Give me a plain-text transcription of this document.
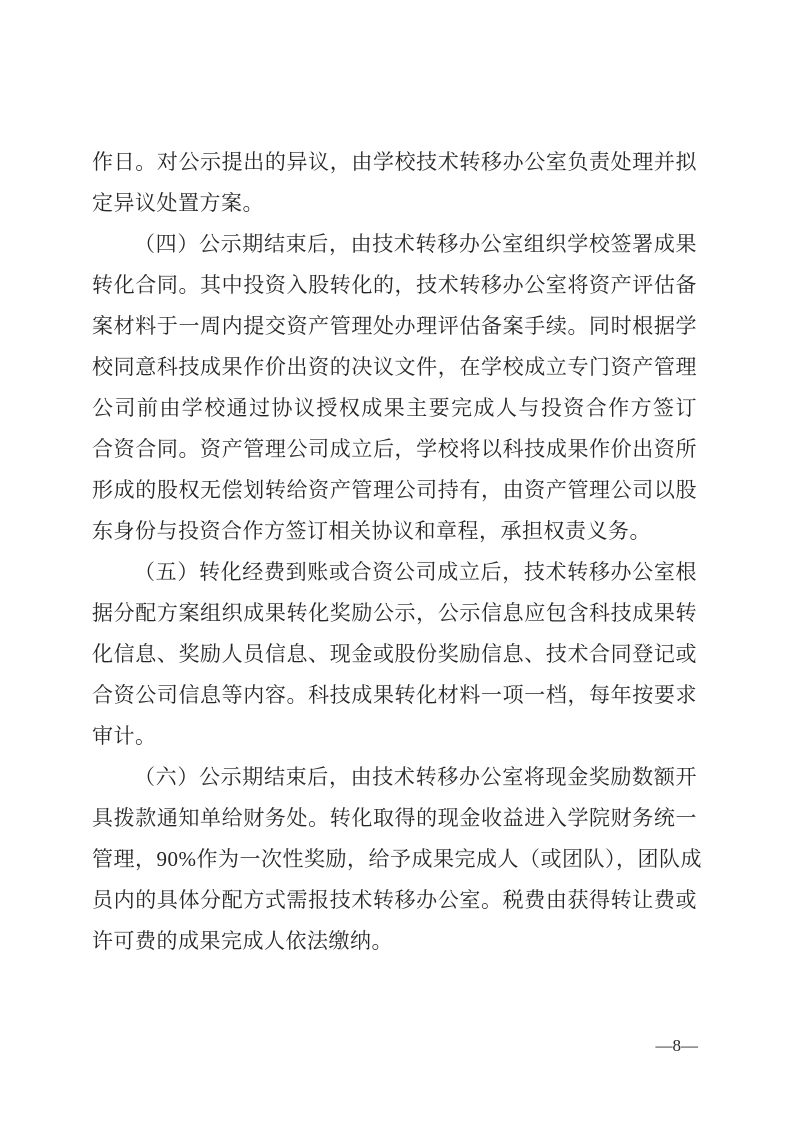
作日。对公示提出的异议，由学校技术转移办公室负责处理并拟
定异议处置方案。
（四）公示期结束后，由技术转移办公室组织学校签署成果
转化合同。其中投资入股转化的，技术转移办公室将资产评估备
案材料于一周内提交资产管理处办理评估备案手续。同时根据学
校同意科技成果作价出资的决议文件，在学校成立专门资产管理
公司前由学校通过协议授权成果主要完成人与投资合作方签订
合资合同。资产管理公司成立后，学校将以科技成果作价出资所
形成的股权无偿划转给资产管理公司持有，由资产管理公司以股
东身份与投资合作方签订相关协议和章程，承担权责义务。
（五）转化经费到账或合资公司成立后，技术转移办公室根
据分配方案组织成果转化奖励公示，公示信息应包含科技成果转
化信息、奖励人员信息、现金或股份奖励信息、技术合同登记或
合资公司信息等内容。科技成果转化材料一项一档，每年按要求
审计。
（六）公示期结束后，由技术转移办公室将现金奖励数额开
具拨款通知单给财务处。转化取得的现金收益进入学院财务统一
管理，90%作为一次性奖励，给予成果完成人（或团队），团队成
员内的具体分配方式需报技术转移办公室。税费由获得转让费或
许可费的成果完成人依法缴纳。
—8—
